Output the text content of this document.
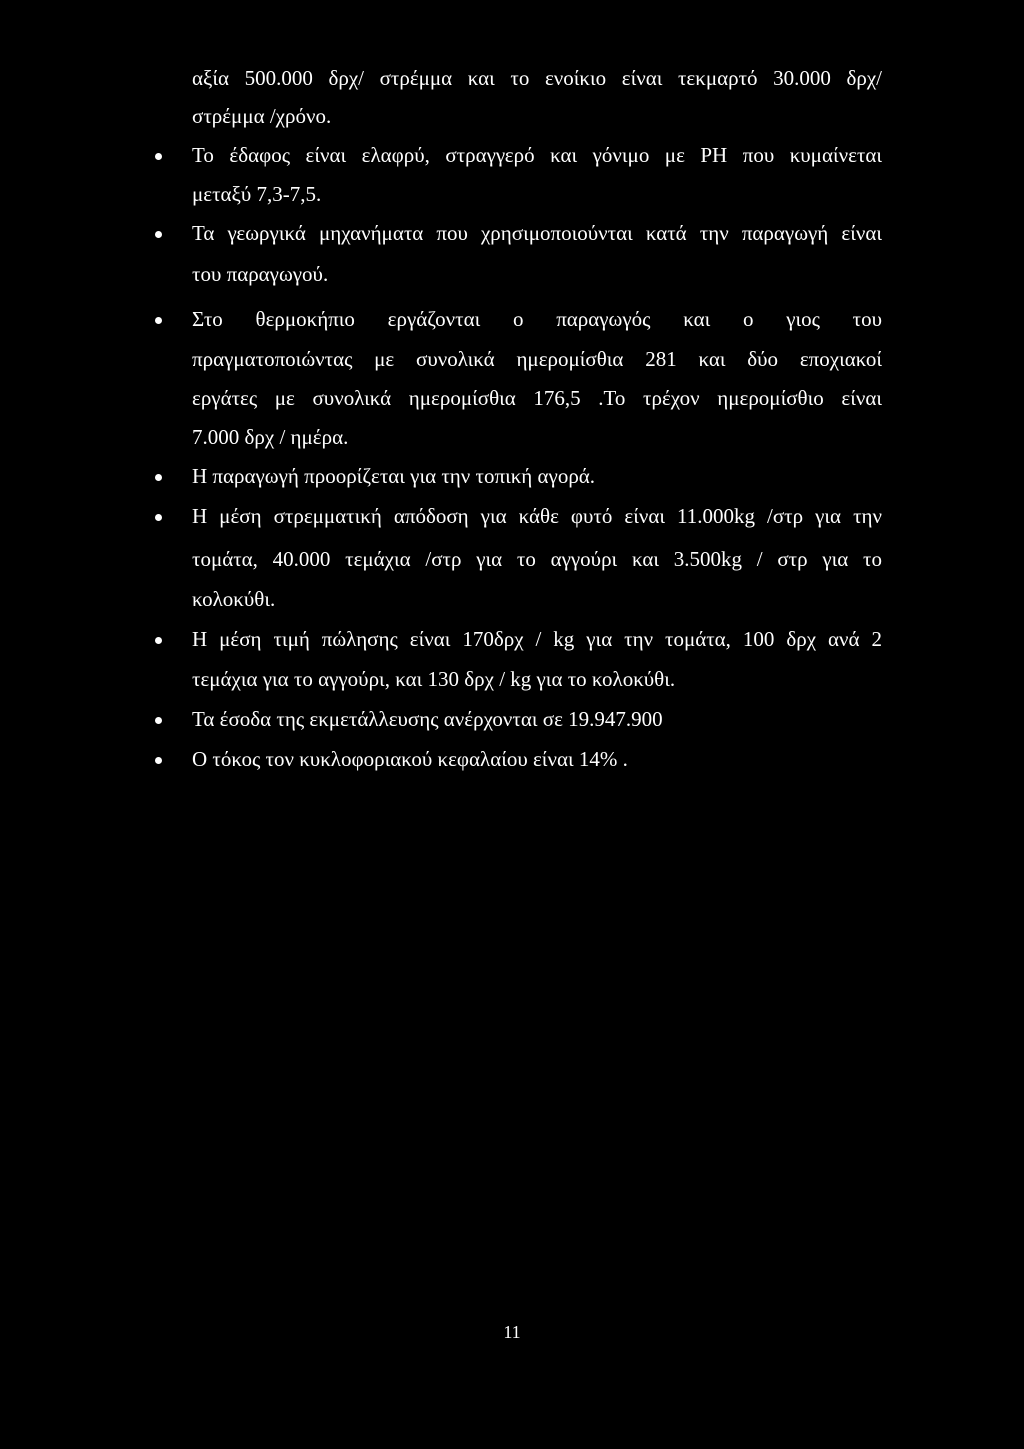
αξία 500.000 δρχ/ στρέμμα και το ενοίκιο είναι τεκμαρτό 30.000 δρχ/
στρέμμα /χρόνο.
Το έδαφος είναι ελαφρύ, στραγγερό και γόνιμο με PH που κυμαίνεται
μεταξύ 7,3-7,5.
Τα γεωργικά μηχανήματα που χρησιμοποιούνται κατά την παραγωγή είναι
του παραγωγού.
Στο θερμοκήπιο εργάζονται ο παραγωγός και ο γιος του
πραγματοποιώντας με συνολικά ημερομίσθια 281 και δύο εποχιακοί
εργάτες με συνολικά ημερομίσθια 176,5 .Το τρέχον ημερομίσθιο είναι
7.000 δρχ / ημέρα.
Η παραγωγή προορίζεται για την τοπική αγορά.
Η μέση στρεμματική απόδοση για κάθε φυτό είναι 11.000kg /στρ για την
τομάτα, 40.000 τεμάχια /στρ για το αγγούρι και 3.500kg / στρ για το
κολοκύθι.
Η μέση τιμή πώλησης είναι 170δρχ / kg για την τομάτα, 100 δρχ ανά 2
τεμάχια για το αγγούρι, και 130 δρχ / kg για το κολοκύθι.
Τα έσοδα της εκμετάλλευσης ανέρχονται σε 19.947.900
Ο τόκος τον κυκλοφοριακού κεφαλαίου είναι 14% .
11
